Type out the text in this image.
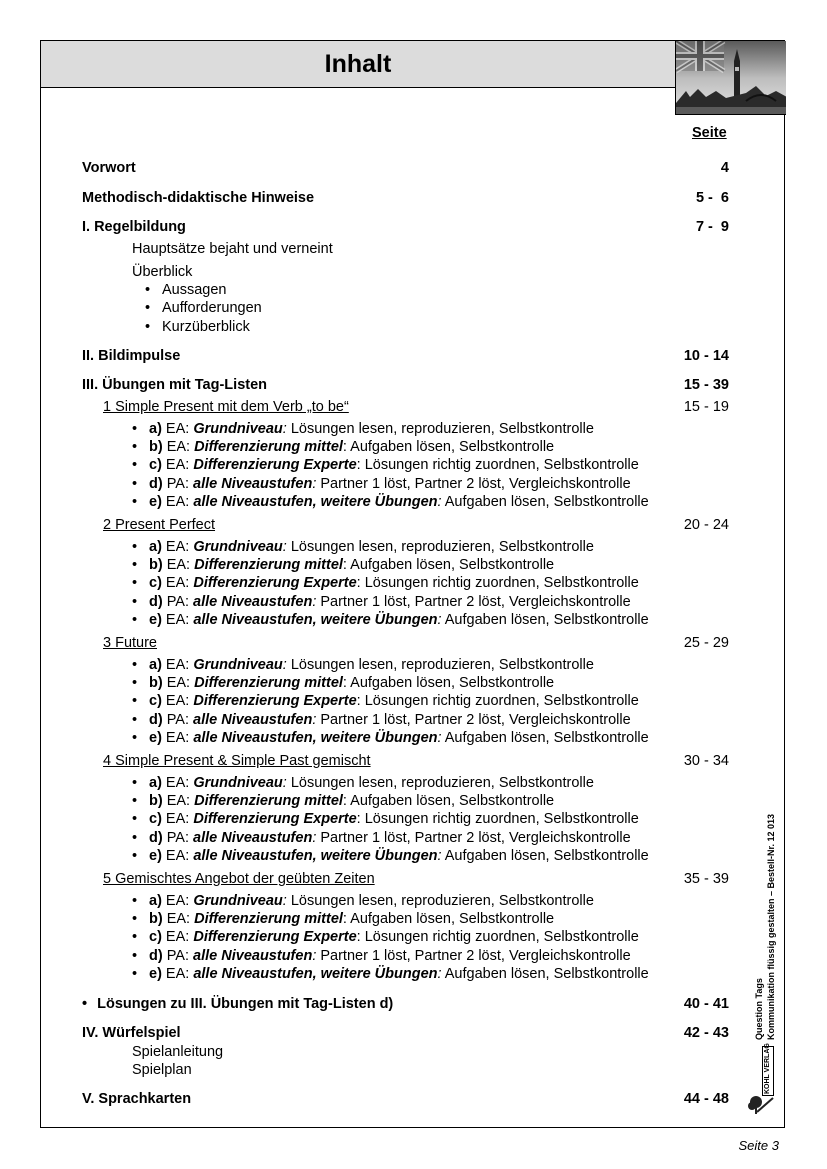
Inhalt
Seite
Vorwort	4
Methodisch-didaktische Hinweise	5 -  6
I. Regelbildung	7 -  9
Hauptsätze bejaht und verneint
Überblick
• Aussagen
• Aufforderungen
• Kurzüberblick
II. Bildimpulse	10 - 14
III. Übungen mit Tag-Listen	15 - 39
1 Simple Present mit dem Verb „to be“	15 - 19
• a) EA: Grundniveau: Lösungen lesen, reproduzieren, Selbstkontrolle
• b) EA: Differenzierung mittel: Aufgaben lösen, Selbstkontrolle
• c) EA: Differenzierung Experte: Lösungen richtig zuordnen, Selbstkontrolle
• d) PA: alle Niveaustufen: Partner 1 löst, Partner 2 löst, Vergleichskontrolle
• e) EA: alle Niveaustufen, weitere Übungen: Aufgaben lösen, Selbstkontrolle
2 Present Perfect	20 - 24
• a) EA: Grundniveau: Lösungen lesen, reproduzieren, Selbstkontrolle
• b) EA: Differenzierung mittel: Aufgaben lösen, Selbstkontrolle
• c) EA: Differenzierung Experte: Lösungen richtig zuordnen, Selbstkontrolle
• d) PA: alle Niveaustufen: Partner 1 löst, Partner 2 löst, Vergleichskontrolle
• e) EA: alle Niveaustufen, weitere Übungen: Aufgaben lösen, Selbstkontrolle
3 Future	25 - 29
• a) EA: Grundniveau: Lösungen lesen, reproduzieren, Selbstkontrolle
• b) EA: Differenzierung mittel: Aufgaben lösen, Selbstkontrolle
• c) EA: Differenzierung Experte: Lösungen richtig zuordnen, Selbstkontrolle
• d) PA: alle Niveaustufen: Partner 1 löst, Partner 2 löst, Vergleichskontrolle
• e) EA: alle Niveaustufen, weitere Übungen: Aufgaben lösen, Selbstkontrolle
4 Simple Present & Simple Past gemischt	30 - 34
• a) EA: Grundniveau: Lösungen lesen, reproduzieren, Selbstkontrolle
• b) EA: Differenzierung mittel: Aufgaben lösen, Selbstkontrolle
• c) EA: Differenzierung Experte: Lösungen richtig zuordnen, Selbstkontrolle
• d) PA: alle Niveaustufen: Partner 1 löst, Partner 2 löst, Vergleichskontrolle
• e) EA: alle Niveaustufen, weitere Übungen: Aufgaben lösen, Selbstkontrolle
5 Gemischtes Angebot der geübten Zeiten	35 - 39
• a) EA: Grundniveau: Lösungen lesen, reproduzieren, Selbstkontrolle
• b) EA: Differenzierung mittel: Aufgaben lösen, Selbstkontrolle
• c) EA: Differenzierung Experte: Lösungen richtig zuordnen, Selbstkontrolle
• d) PA: alle Niveaustufen: Partner 1 löst, Partner 2 löst, Vergleichskontrolle
• e) EA: alle Niveaustufen, weitere Übungen: Aufgaben lösen, Selbstkontrolle
• Lösungen zu III. Übungen mit Tag-Listen d)	40 - 41
IV. Würfelspiel	42 - 43
Spielanleitung
Spielplan
V. Sprachkarten	44 - 48
Question Tags Kommunikation flüssig gestalten – Bestell-Nr. 12 013
KOHL VERLAG
Seite 3
